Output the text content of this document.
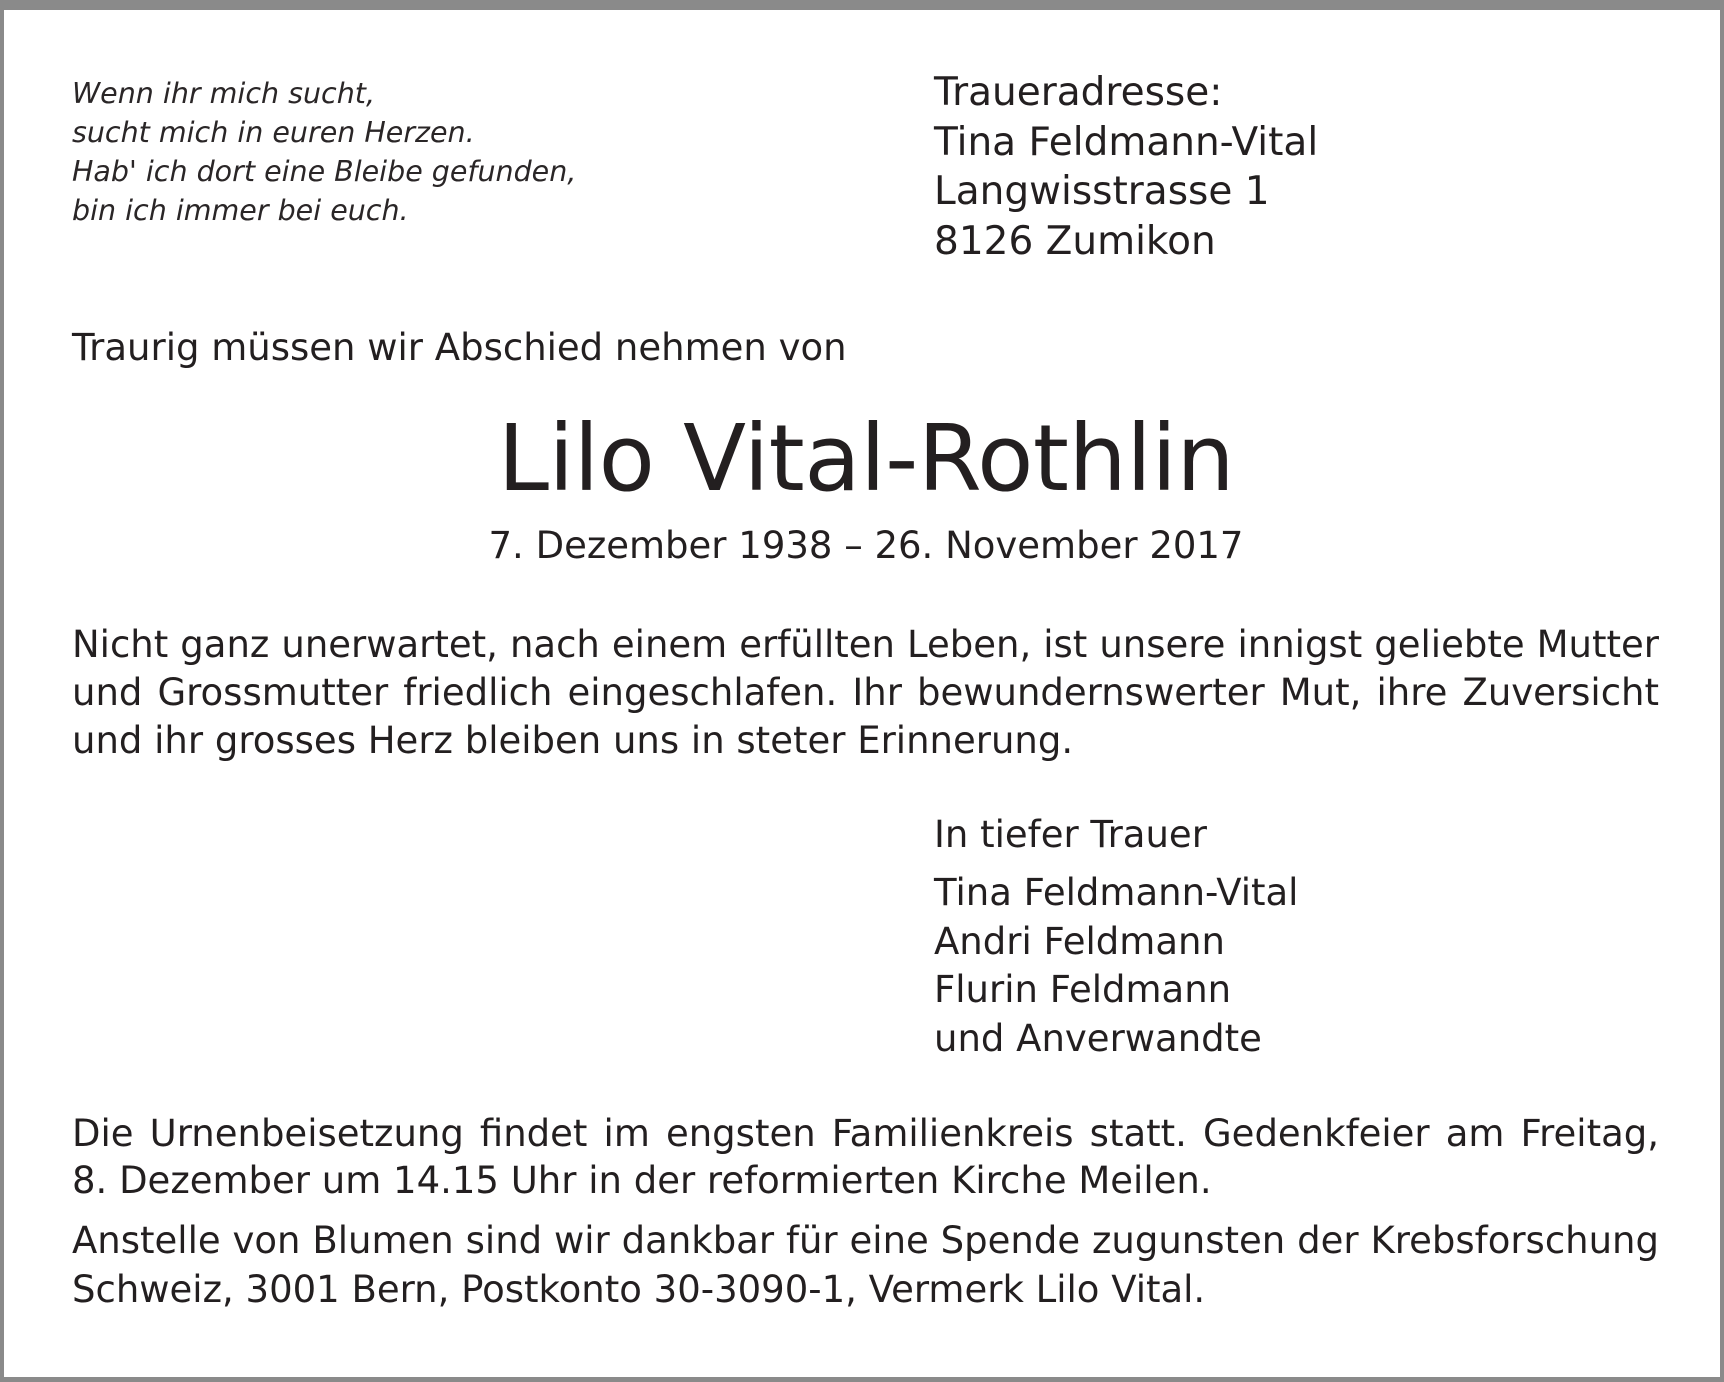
Wenn ihr mich sucht,
sucht mich in euren Herzen.
Hab' ich dort eine Bleibe gefunden,
bin ich immer bei euch.
Traueradresse:
Tina Feldmann-Vital
Langwisstrasse 1
8126 Zumikon
Traurig müssen wir Abschied nehmen von
Lilo Vital-Rothlin
7. Dezember 1938 – 26. November 2017
Nicht ganz unerwartet, nach einem erfüllten Leben, ist unsere innigst geliebte Mutter und Grossmutter friedlich eingeschlafen. Ihr bewundernswerter Mut, ihre Zuversicht und ihr grosses Herz bleiben uns in steter Erinnerung.
In tiefer Trauer
Tina Feldmann-Vital
Andri Feldmann
Flurin Feldmann
und Anverwandte
Die Urnenbeisetzung findet im engsten Familienkreis statt. Gedenkfeier am Freitag, 8. Dezember um 14.15 Uhr in der reformierten Kirche Meilen.
Anstelle von Blumen sind wir dankbar für eine Spende zugunsten der Krebsforschung Schweiz, 3001 Bern, Postkonto 30-3090-1, Vermerk Lilo Vital.
